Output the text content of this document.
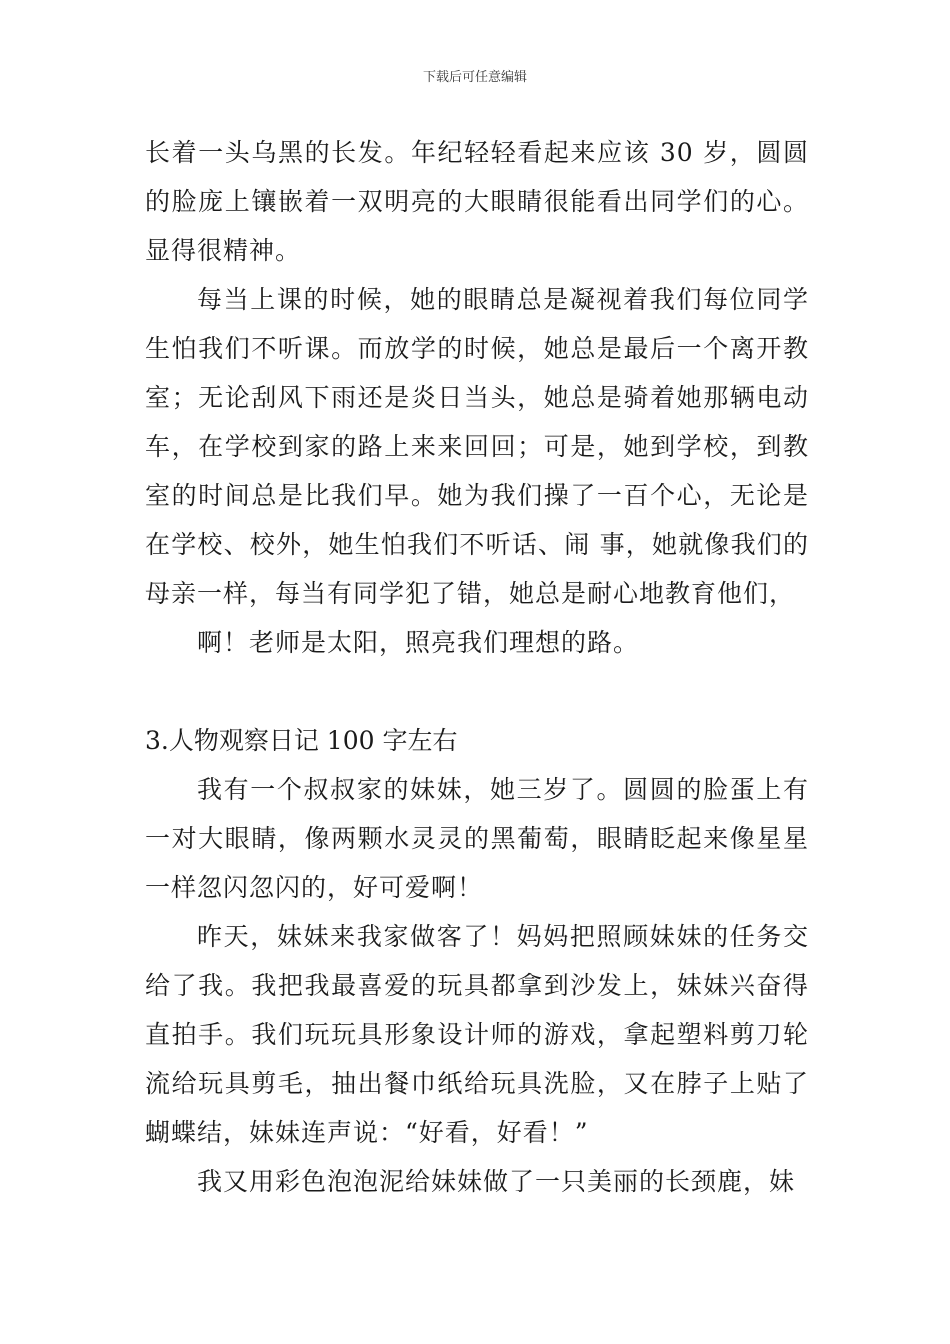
下载后可任意编辑

长着一头乌黑的长发。年纪轻轻看起来应该 30 岁，圆圆的脸庞上镶嵌着一双明亮的大眼睛很能看出同学们的心。显得很精神。

每当上课的时候，她的眼睛总是凝视着我们每位同学生怕我们不听课。而放学的时候，她总是最后一个离开教室；无论刮风下雨还是炎日当头，她总是骑着她那辆电动车，在学校到家的路上来来回回；可是，她到学校，到教室的时间总是比我们早。她为我们操了一百个心，无论是在学校、校外，她生怕我们不听话、闹 事，她就像我们的母亲一样，每当有同学犯了错，她总是耐心地教育他们，

啊！老师是太阳，照亮我们理想的路。

3.人物观察日记 100 字左右

我有一个叔叔家的妹妹，她三岁了。圆圆的脸蛋上有一对大眼睛，像两颗水灵灵的黑葡萄，眼睛眨起来像星星一样忽闪忽闪的，好可爱啊！

昨天，妹妹来我家做客了！妈妈把照顾妹妹的任务交给了我。我把我最喜爱的玩具都拿到沙发上，妹妹兴奋得直拍手。我们玩玩具形象设计师的游戏，拿起塑料剪刀轮流给玩具剪毛，抽出餐巾纸给玩具洗脸，又在脖子上贴了蝴蝶结，妹妹连声说：“好看，好看！”

我又用彩色泡泡泥给妹妹做了一只美丽的长颈鹿，妹
